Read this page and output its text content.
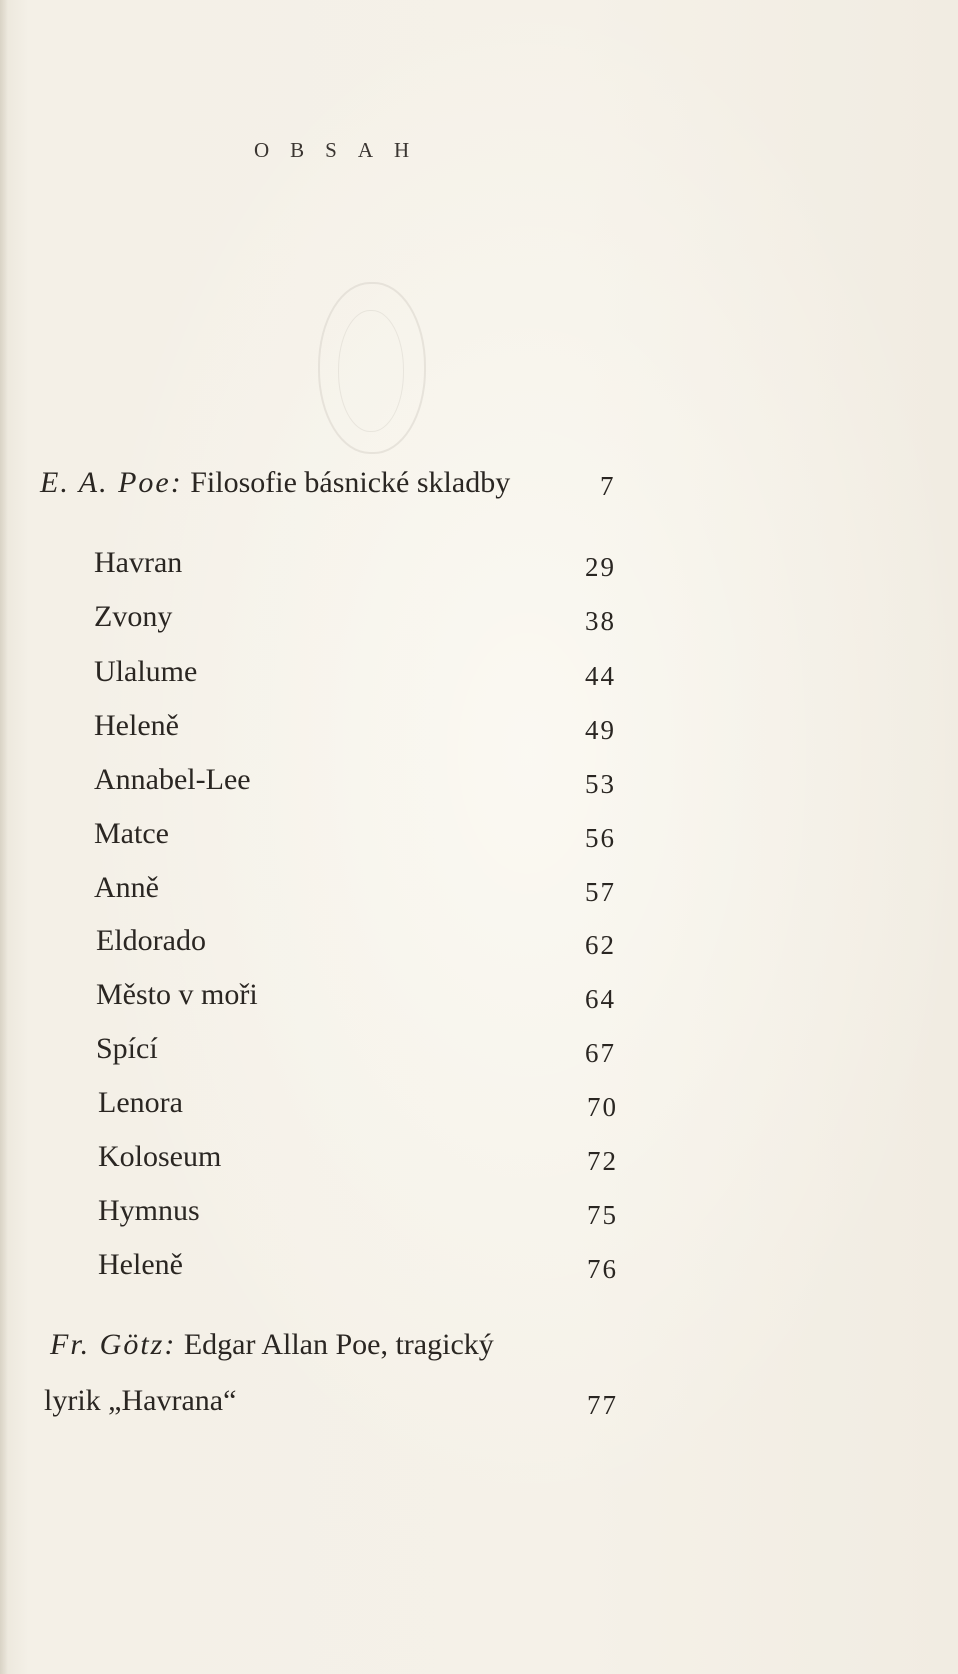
OBSAH
E. A. Poe: Filosofie básnické skladby	7
Havran	29
Zvony	38
Ulalume	44
Heleně	49
Annabel-Lee	53
Matce	56
Anně	57
Eldorado	62
Město v moři	64
Spící	67
Lenora	70
Koloseum	72
Hymnus	75
Heleně	76
Fr. Götz: Edgar Allan Poe, tragický
lyrik „Havrana“	77
